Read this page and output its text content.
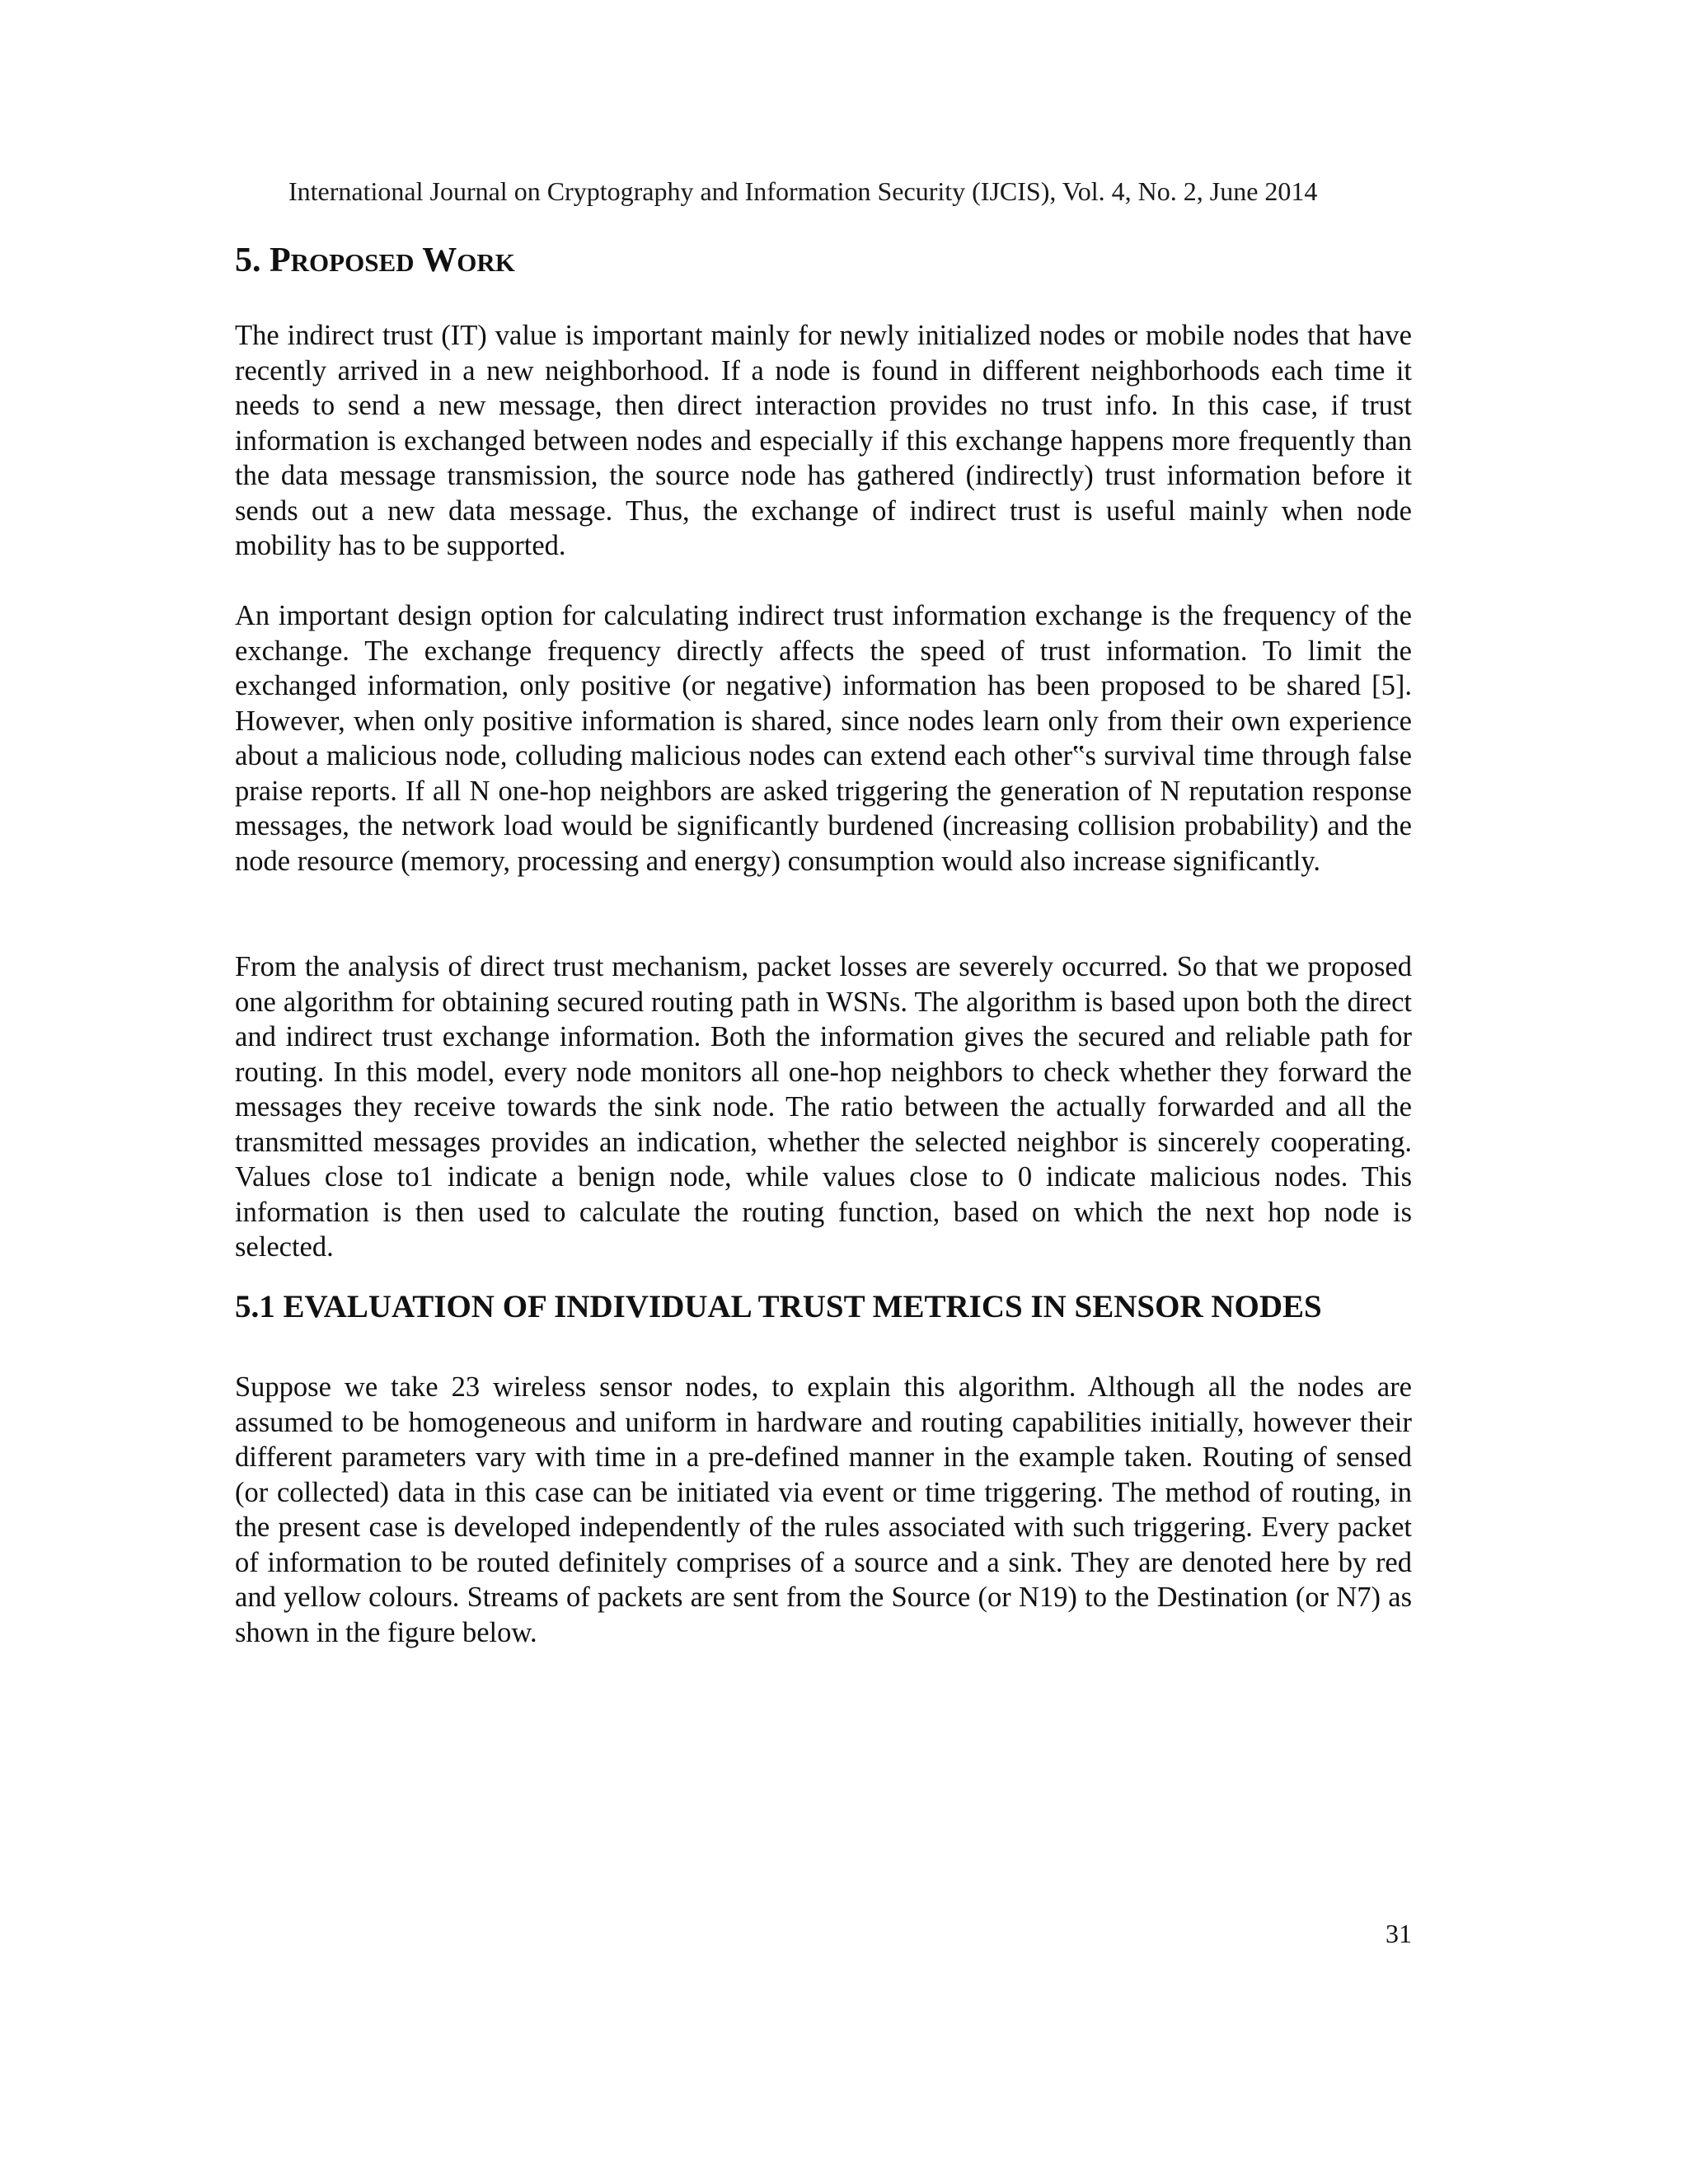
International Journal on Cryptography and Information Security (IJCIS), Vol. 4, No. 2, June 2014
5. PROPOSED WORK

The indirect trust (IT) value is important mainly for newly initialized nodes or mobile nodes that have recently arrived in a new neighborhood. If a node is found in different neighborhoods each time it needs to send a new message, then direct interaction provides no trust info. In this case, if trust information is exchanged between nodes and especially if this exchange happens more frequently than the data message transmission, the source node has gathered (indirectly) trust information before it sends out a new data message. Thus, the exchange of indirect trust is useful mainly when node mobility has to be supported.

An important design option for calculating indirect trust information exchange is the frequency of the exchange. The exchange frequency directly affects the speed of trust information. To limit the exchanged information, only positive (or negative) information has been proposed to be shared [5]. However, when only positive information is shared, since nodes learn only from their own experience about a malicious node, colluding malicious nodes can extend each other‟s survival time through false praise reports. If all N one-hop neighbors are asked triggering the generation of N reputation response messages, the network load would be significantly burdened (increasing collision probability) and the node resource (memory, processing and energy) consumption would also increase significantly.

From the analysis of direct trust mechanism, packet losses are severely occurred. So that we proposed one algorithm for obtaining secured routing path in WSNs. The algorithm is based upon both the direct and indirect trust exchange information. Both the information gives the secured and reliable path for routing. In this model, every node monitors all one-hop neighbors to check whether they forward the messages they receive towards the sink node. The ratio between the actually forwarded and all the transmitted messages provides an indication, whether the selected neighbor is sincerely cooperating. Values close to1 indicate a benign node, while values close to 0 indicate malicious nodes. This information is then used to calculate the routing function, based on which the next hop node is selected.

5.1 EVALUATION OF INDIVIDUAL TRUST METRICS IN SENSOR NODES

Suppose we take 23 wireless sensor nodes, to explain this algorithm. Although all the nodes are assumed to be homogeneous and uniform in hardware and routing capabilities initially, however their different parameters vary with time in a pre-defined manner in the example taken. Routing of sensed (or collected) data in this case can be initiated via event or time triggering. The method of routing, in the present case is developed independently of the rules associated with such triggering. Every packet of information to be routed definitely comprises of a source and a sink. They are denoted here by red and yellow colours. Streams of packets are sent from the Source (or N19) to the Destination (or N7) as shown in the figure below.

31
